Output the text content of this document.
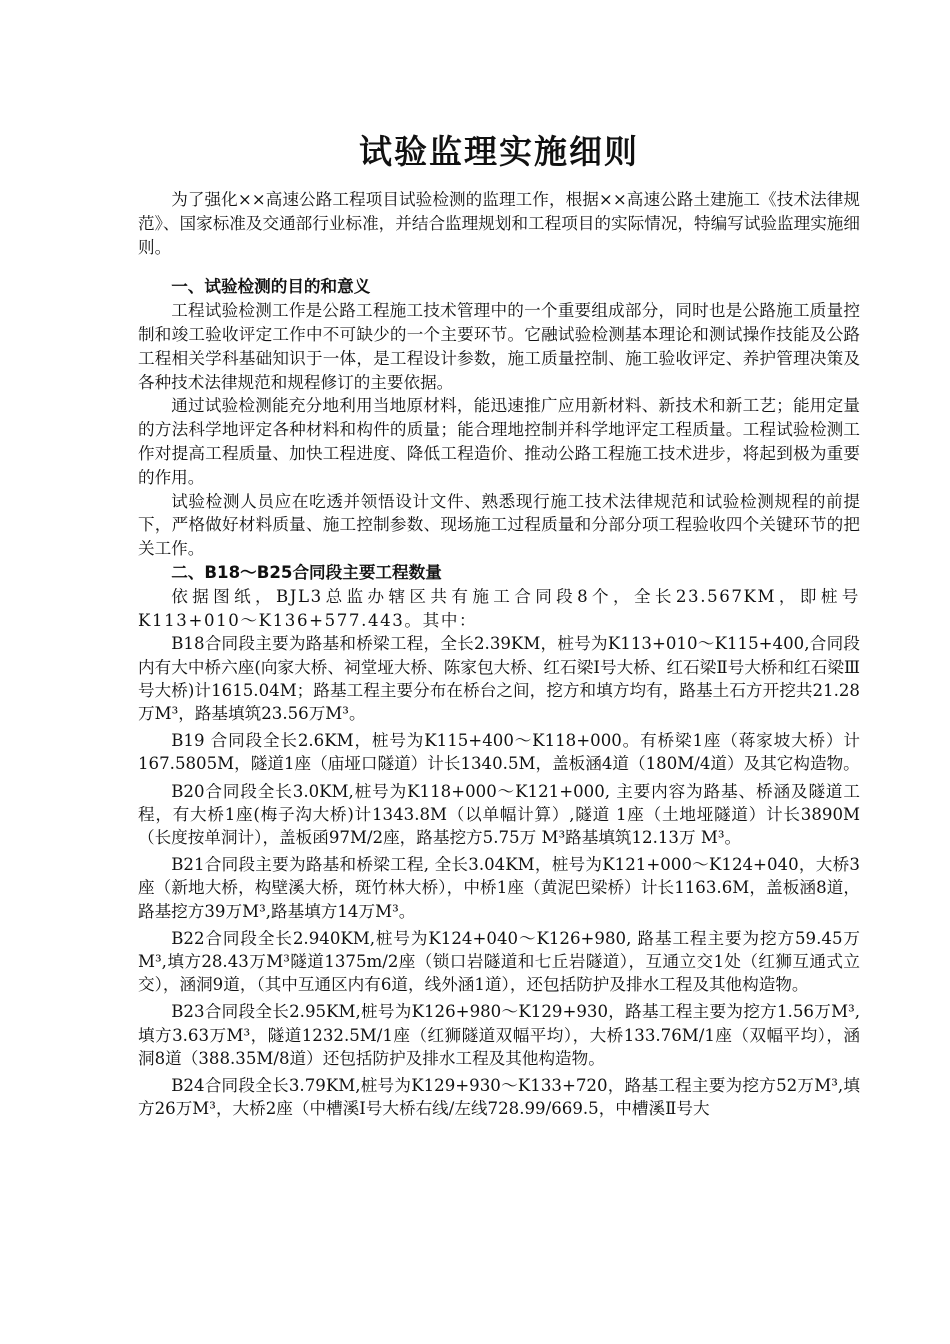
试验监理实施细则

为了强化××高速公路工程项目试验检测的监理工作，根据××高速公路土建施工《技术法律规范》、国家标准及交通部行业标准，并结合监理规划和工程项目的实际情况，特编写试验监理实施细则。

一、试验检测的目的和意义

工程试验检测工作是公路工程施工技术管理中的一个重要组成部分，同时也是公路施工质量控制和竣工验收评定工作中不可缺少的一个主要环节。它融试验检测基本理论和测试操作技能及公路工程相关学科基础知识于一体，是工程设计参数，施工质量控制、施工验收评定、养护管理决策及各种技术法律规范和规程修订的主要依据。

通过试验检测能充分地利用当地原材料，能迅速推广应用新材料、新技术和新工艺；能用定量的方法科学地评定各种材料和构件的质量；能合理地控制并科学地评定工程质量。工程试验检测工作对提高工程质量、加快工程进度、降低工程造价、推动公路工程施工技术进步，将起到极为重要的作用。

试验检测人员应在吃透并领悟设计文件、熟悉现行施工技术法律规范和试验检测规程的前提下，严格做好材料质量、施工控制参数、现场施工过程质量和分部分项工程验收四个关键环节的把关工作。

二、B18～B25合同段主要工程数量

依据图纸，BJL3总监办辖区共有施工合同段8个，全长23.567KM，即桩号K113+010～K136+577.443。其中：

B18合同段主要为路基和桥梁工程，全长2.39KM，桩号为K113+010～K115+400,合同段内有大中桥六座(向家大桥、祠堂垭大桥、陈家包大桥、红石梁Ⅰ号大桥、红石梁Ⅱ号大桥和红石梁Ⅲ号大桥)计1615.04M；路基工程主要分布在桥台之间，挖方和填方均有，路基土石方开挖共21.28万M³，路基填筑23.56万M³。

B19 合同段全长2.6KM，桩号为K115+400～K118+000。有桥梁1座（蒋家坡大桥）计167.5805M，隧道1座（庙垭口隧道）计长1340.5M，盖板涵4道（180M/4道）及其它构造物。

B20合同段全长3.0KM,桩号为K118+000～K121+000, 主要内容为路基、桥涵及隧道工程，有大桥1座(梅子沟大桥)计1343.8M（以单幅计算）,隧道 1座（土地垭隧道）计长3890M（长度按单洞计），盖板函97M/2座，路基挖方5.75万 M³路基填筑12.13万 M³。

B21合同段主要为路基和桥梁工程, 全长3.04KM，桩号为K121+000～K124+040，大桥3座（新地大桥，构壁溪大桥，斑竹林大桥），中桥1座（黄泥巴梁桥）计长1163.6M，盖板涵8道，路基挖方39万M³,路基填方14万M³。

B22合同段全长2.940KM,桩号为K124+040～K126+980, 路基工程主要为挖方59.45万M³,填方28.43万M³隧道1375m/2座（锁口岩隧道和七丘岩隧道），互通立交1处（红狮互通式立交），涵洞9道，（其中互通区内有6道，线外涵1道），还包括防护及排水工程及其他构造物。

B23合同段全长2.95KM,桩号为K126+980～K129+930，路基工程主要为挖方1.56万M³,填方3.63万M³，隧道1232.5M/1座（红狮隧道双幅平均），大桥133.76M/1座（双幅平均），涵洞8道（388.35M/8道）还包括防护及排水工程及其他构造物。

B24合同段全长3.79KM,桩号为K129+930～K133+720，路基工程主要为挖方52万M³,填方26万M³，大桥2座（中槽溪Ⅰ号大桥右线/左线728.99/669.5，中槽溪Ⅱ号大
